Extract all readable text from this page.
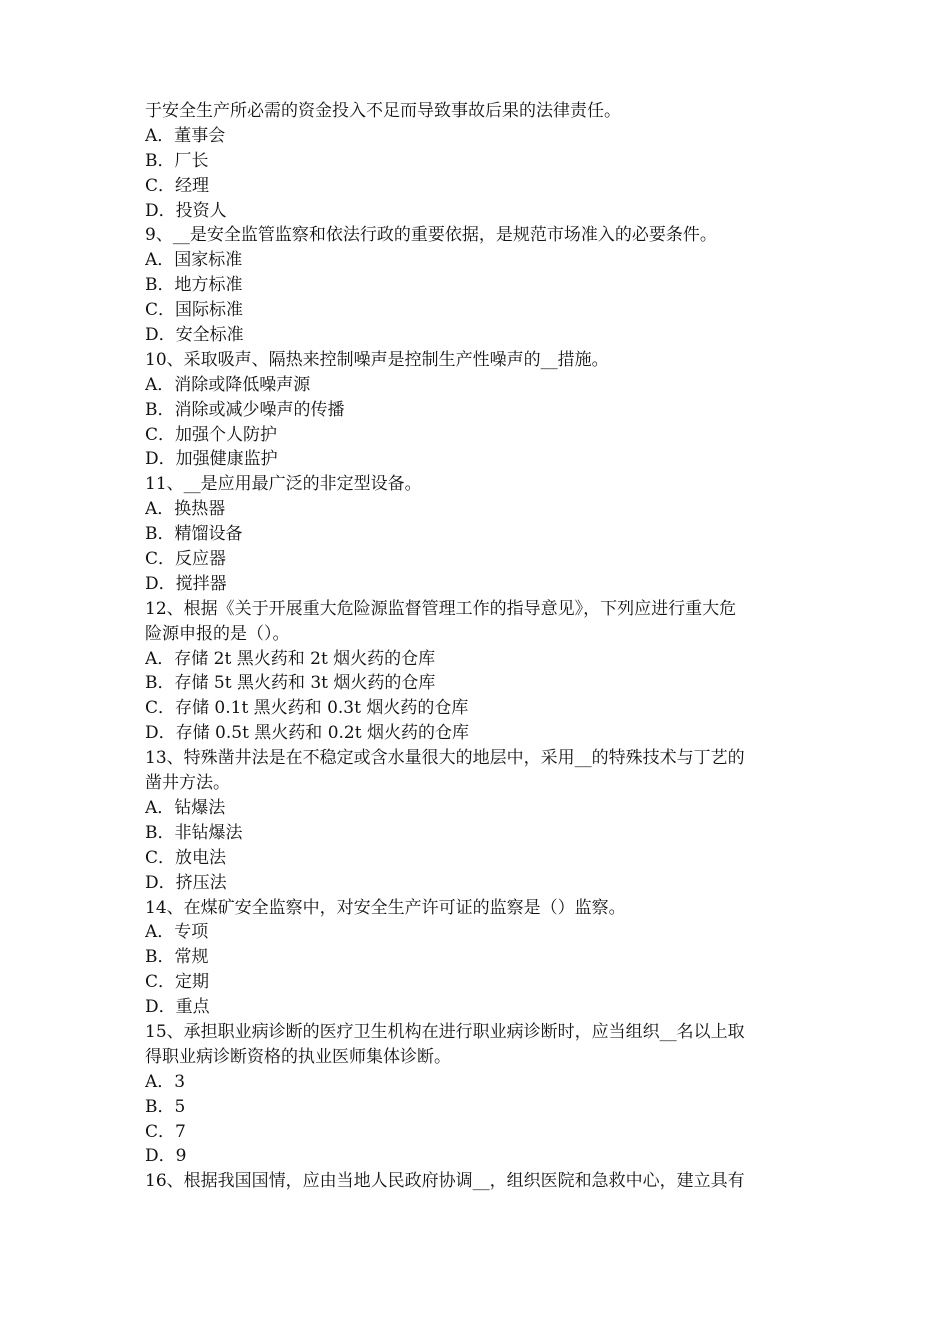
于安全生产所必需的资金投入不足而导致事故后果的法律责任。
A．董事会
B．厂长
C．经理
D．投资人
9、__是安全监管监察和依法行政的重要依据，是规范市场准入的必要条件。
A．国家标准
B．地方标准
C．国际标准
D．安全标准
10、采取吸声、隔热来控制噪声是控制生产性噪声的__措施。
A．消除或降低噪声源
B．消除或减少噪声的传播
C．加强个人防护
D．加强健康监护
11、__是应用最广泛的非定型设备。
A．换热器
B．精馏设备
C．反应器
D．搅拌器
12、根据《关于开展重大危险源监督管理工作的指导意见》，下列应进行重大危
险源申报的是（）。
A．存储 2t 黑火药和 2t 烟火药的仓库
B．存储 5t 黑火药和 3t 烟火药的仓库
C．存储 0.1t 黑火药和 0.3t 烟火药的仓库
D．存储 0.5t 黑火药和 0.2t 烟火药的仓库
13、特殊凿井法是在不稳定或含水量很大的地层中，采用__的特殊技术与丁艺的
凿井方法。
A．钻爆法
B．非钻爆法
C．放电法
D．挤压法
14、在煤矿安全监察中，对安全生产许可证的监察是（）监察。
A．专项
B．常规
C．定期
D．重点
15、承担职业病诊断的医疗卫生机构在进行职业病诊断时，应当组织__名以上取
得职业病诊断资格的执业医师集体诊断。
A．3
B．5
C．7
D．9
16、根据我国国情，应由当地人民政府协调__，组织医院和急救中心，建立具有
